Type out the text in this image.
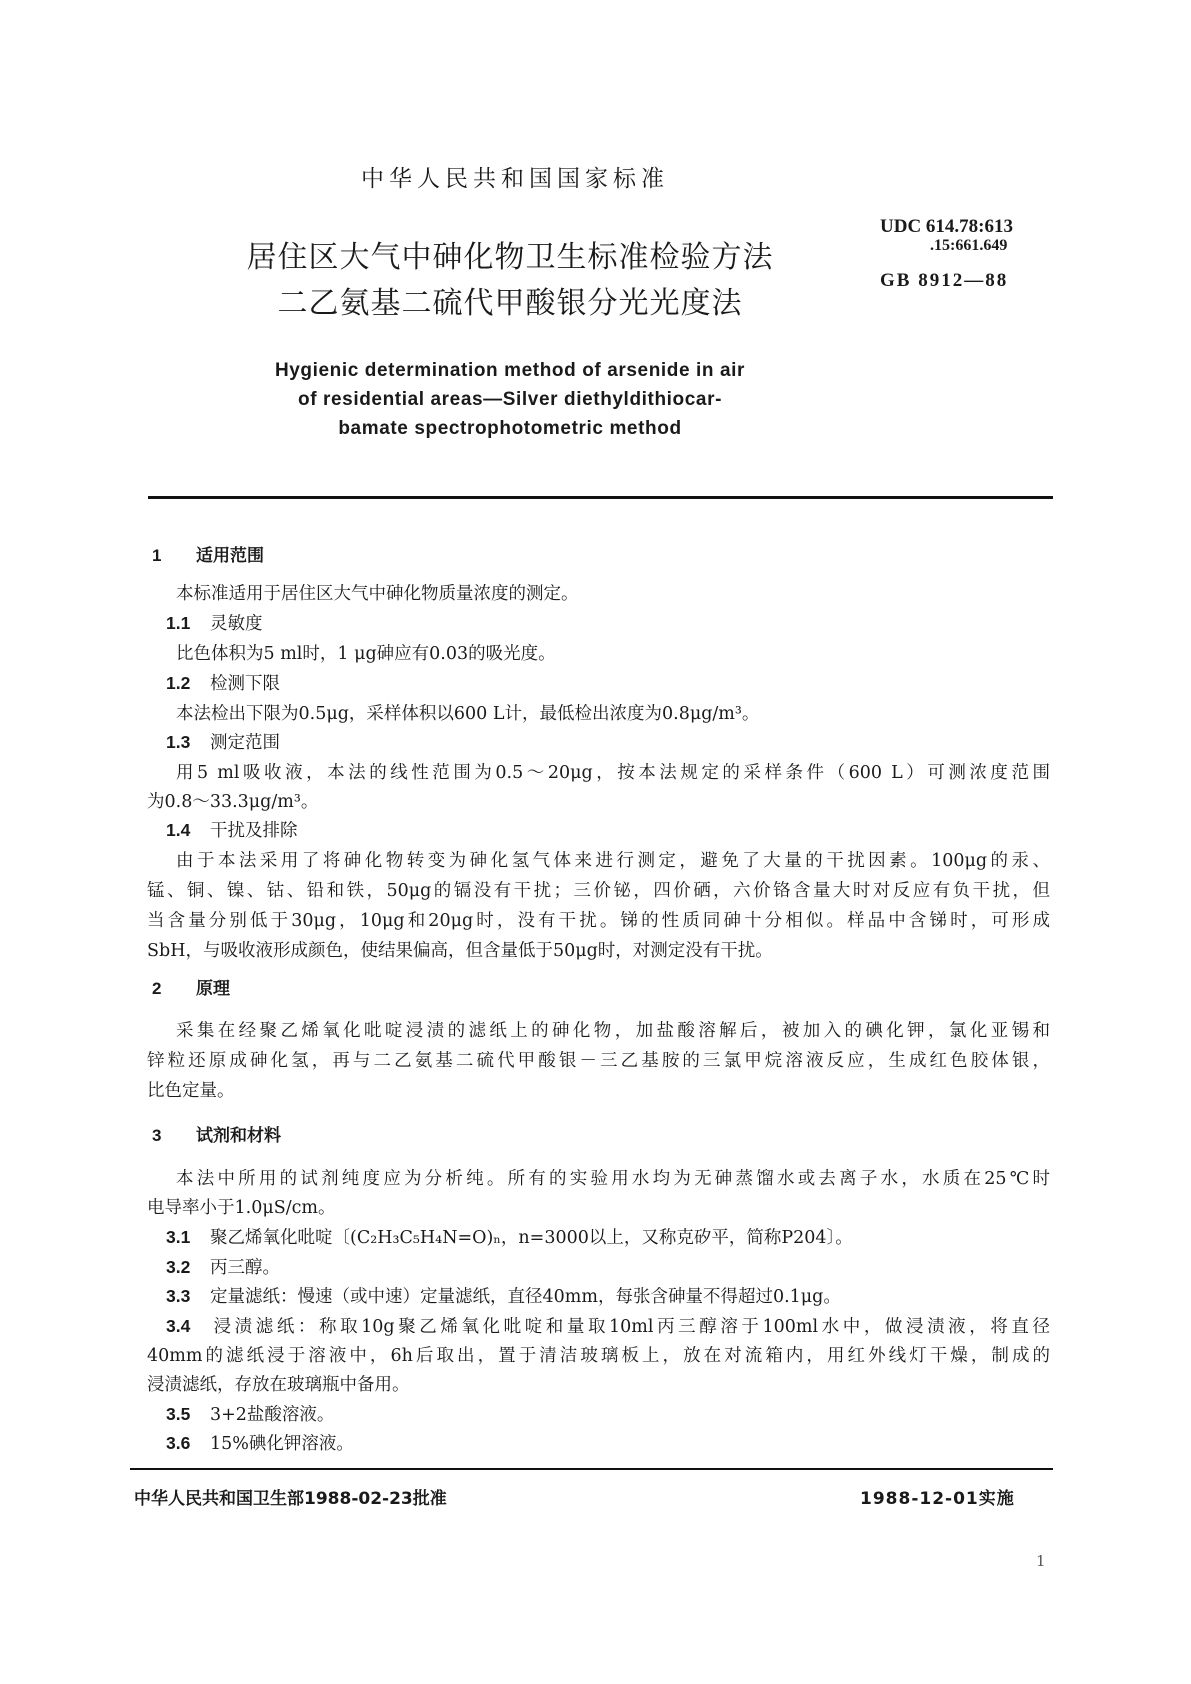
中华人民共和国国家标准
居住区大气中砷化物卫生标准检验方法
二乙氨基二硫代甲酸银分光光度法
UDC 614.78:613
.15:661.649
GB 8912—88
Hygienic determination method of arsenide in air
of residential areas—Silver diethyldithiocar-
bamate spectrophotometric method
1 适用范围
本标准适用于居住区大气中砷化物质量浓度的测定。
1.1 灵敏度
比色体积为5 ml时，1 μg砷应有0.03的吸光度。
1.2 检测下限
本法检出下限为0.5μg，采样体积以600 L计，最低检出浓度为0.8μg/m³。
1.3 测定范围
用5 ml吸收液，本法的线性范围为0.5～20μg，按本法规定的采样条件（600 L）可测浓度范围
为0.8～33.3μg/m³。
1.4 干扰及排除
由于本法采用了将砷化物转变为砷化氢气体来进行测定，避免了大量的干扰因素。100μg的汞、
锰、铜、镍、钴、铅和铁，50μg的镉没有干扰；三价铋，四价硒，六价铬含量大时对反应有负干扰，但
当含量分别低于30μg，10μg和20μg时，没有干扰。锑的性质同砷十分相似。样品中含锑时，可形成
SbH，与吸收液形成颜色，使结果偏高，但含量低于50μg时，对测定没有干扰。
2 原理
采集在经聚乙烯氧化吡啶浸渍的滤纸上的砷化物，加盐酸溶解后，被加入的碘化钾，氯化亚锡和
锌粒还原成砷化氢，再与二乙氨基二硫代甲酸银－三乙基胺的三氯甲烷溶液反应，生成红色胶体银，
比色定量。
3 试剂和材料
本法中所用的试剂纯度应为分析纯。所有的实验用水均为无砷蒸馏水或去离子水，水质在25℃时
电导率小于1.0μS/cm。
3.1 聚乙烯氧化吡啶〔(C₂H₃C₅H₄N=O)ₙ，n=3000以上，又称克矽平，简称P204〕。
3.2 丙三醇。
3.3 定量滤纸：慢速（或中速）定量滤纸，直径40mm，每张含砷量不得超过0.1μg。
3.4 浸渍滤纸：称取10g聚乙烯氧化吡啶和量取10ml丙三醇溶于100ml水中，做浸渍液，将直径
40mm的滤纸浸于溶液中，6h后取出，置于清洁玻璃板上，放在对流箱内，用红外线灯干燥，制成的
浸渍滤纸，存放在玻璃瓶中备用。
3.5 3+2盐酸溶液。
3.6 15%碘化钾溶液。
中华人民共和国卫生部1988-02-23批准	1988-12-01实施
1
